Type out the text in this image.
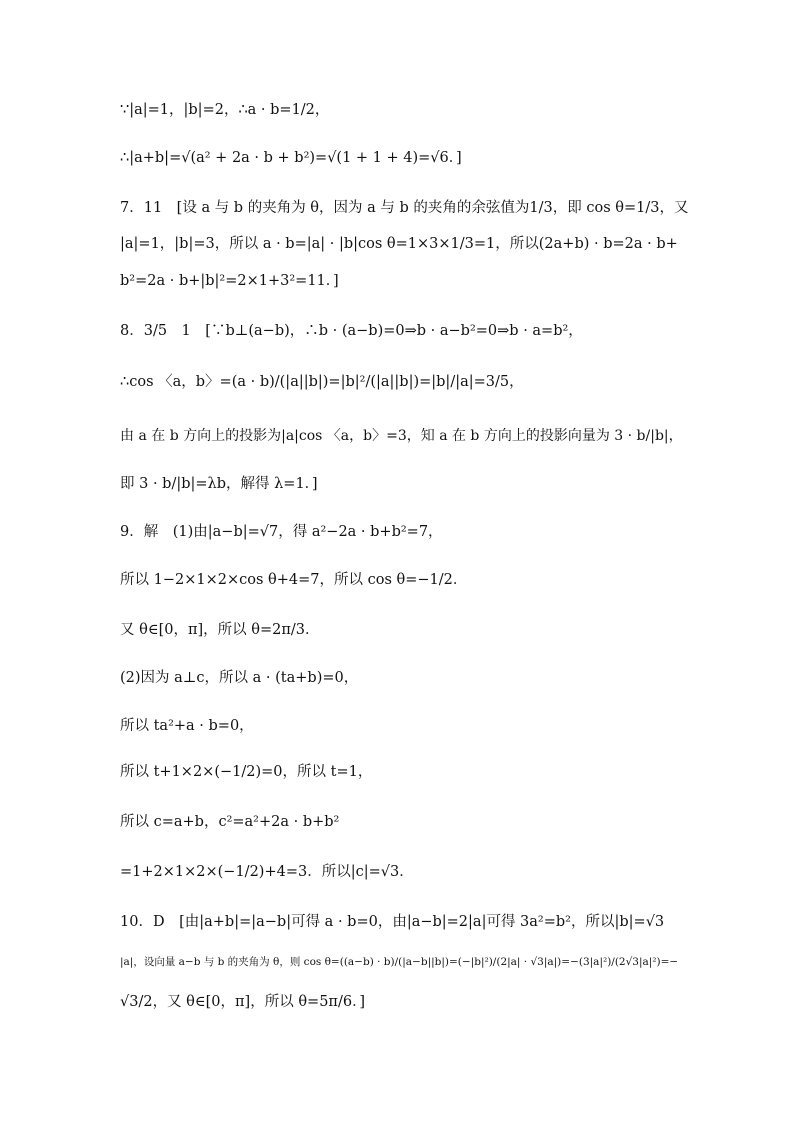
∵|a|=1，|b|=2，∴a · b=1/2，
∴|a+b|=√(a² + 2a · b + b²)=√(1 + 1 + 4)=√6．]
7．11　[设 a 与 b 的夹角为 θ，因为 a 与 b 的夹角的余弦值为1/3，即 cos θ=1/3，又
|a|=1，|b|=3，所以 a · b=|a| · |b|cos θ=1×3×1/3=1，所以(2a+b) · b=2a · b+
b²=2a · b+|b|²=2×1+3²=11．]
8．3/5　1　[∵b⊥(a−b)，∴b · (a−b)=0⇒b · a−b²=0⇒b · a=b²，
∴cos 〈a，b〉=(a · b)/(|a||b|)=|b|²/(|a||b|)=|b|/|a|=3/5，
由 a 在 b 方向上的投影为|a|cos 〈a，b〉=3，知 a 在 b 方向上的投影向量为 3 · b/|b|，
即 3 · b/|b|=λb，解得 λ=1．]
9．解　(1)由|a−b|=√7，得 a²−2a · b+b²=7，
所以 1−2×1×2×cos θ+4=7，所以 cos θ=−1/2．
又 θ∈[0，π]，所以 θ=2π/3．
(2)因为 a⊥c，所以 a · (ta+b)=0，
所以 ta²+a · b=0，
所以 t+1×2×(−1/2)=0，所以 t=1，
所以 c=a+b，c²=a²+2a · b+b²
=1+2×1×2×(−1/2)+4=3．所以|c|=√3．
10．D　[由|a+b|=|a−b|可得 a · b=0，由|a−b|=2|a|可得 3a²=b²，所以|b|=√3
|a|，设向量 a−b 与 b 的夹角为 θ，则 cos θ=((a−b) · b)/(|a−b||b|)=(−|b|²)/(2|a| · √3|a|)=−(3|a|²)/(2√3|a|²)=−
√3/2，又 θ∈[0，π]，所以 θ=5π/6．]
